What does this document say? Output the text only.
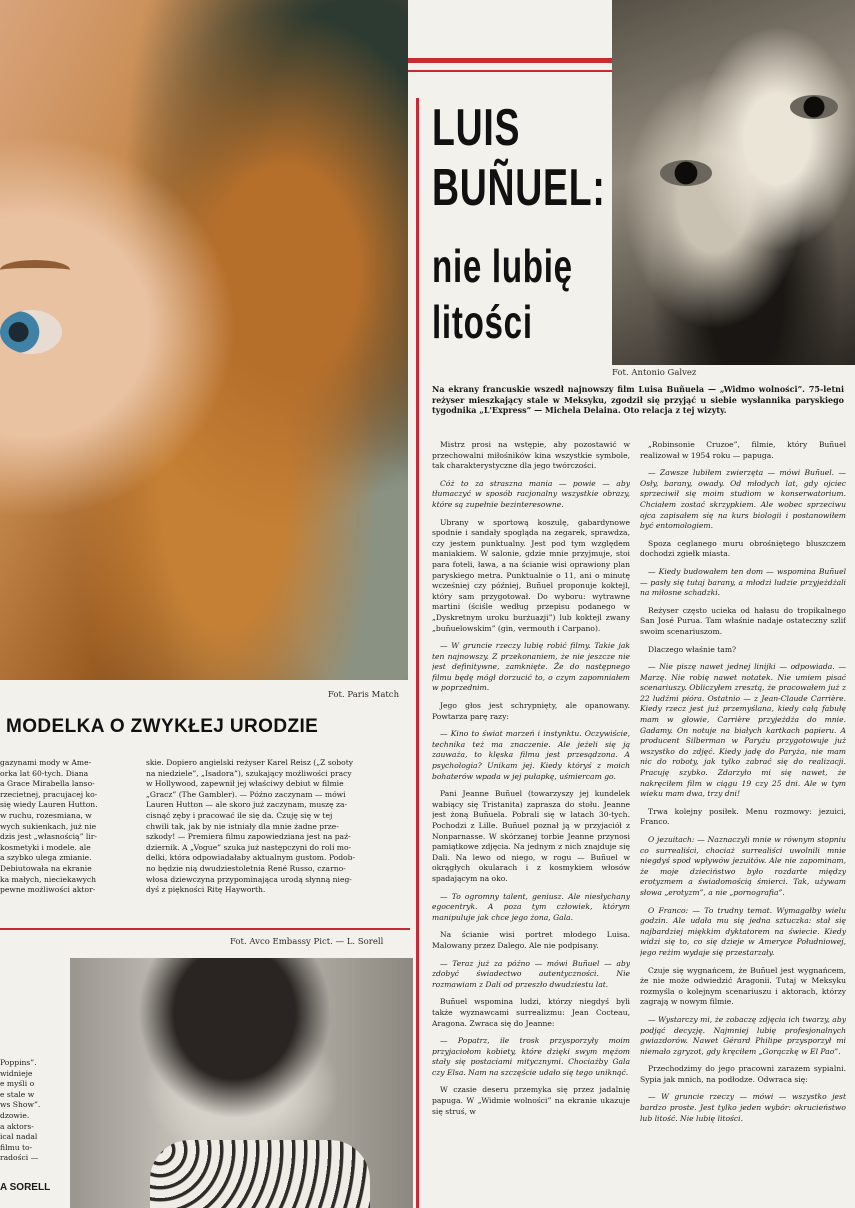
Fot. Paris Match
MODELKA O ZWYKŁEJ URODZIE
gazynami mody w Ame-
orka lat 60-tych. Diana
a Grace Mirabella lanso-
rzecietnej, pracujacej ko-
się wiedy Lauren Hutton.
w ruchu, rozesmiana, w
wych sukienkach, już nie
dzis jest „własnością” lir-
kosmetyki i modele. ale
a szybko ulega zmianie.
Debiutowała na ekranie
ka małych, nieciekawych
pewne możliwości aktor-
skie. Dopiero angielski reżyser Karel Reisz („Z soboty
na niedziele”, „Isadora”), szukający możliwości pracy
w Hollywood, zapewnił jej właściwy debiut w filmie
„Gracz” (The Gambler). — Późno zaczynam — mówi
Lauren Hutton — ale skoro już zaczynam, muszę za-
cisnąć zęby i pracować ile się da. Czuję się w tej
chwili tak, jak by nie istniały dla mnie żadne prze-
szkody! — Premiera filmu zapowiedziana jest na paź-
dziernik. A „Vogue” szuka już następczyni do roli mo-
delki, która odpowiadałaby aktualnym gustom. Podob-
no będzie nią dwudziestoletnia René Russo, czarno-
włosa dziewczyna przypominająca urodą słynną nieg-
dyś z piękności Ritę Hayworth.
Fot. Avco Embassy Pict. — L. Sorell
Poppins”.
widnieje
e myśli o
e stale w
ws Show”.
dzowie.
a aktors-
ical nadal
filmu to-
radości —
A SORELL
LUIS
BUÑUEL:
nie lubię
litości
Fot. Antonio Galvez
Na ekrany francuskie wszedł najnowszy film Luisa Buñuela — „Widmo wolności”. 75-letni reżyser mieszkający stale w Meksyku, zgodził się przyjąć u siebie wysłannika paryskiego tygodnika „L'Express” — Michela Delaina. Oto relacja z tej wizyty.

Mistrz prosi na wstępie, aby pozostawić w przechowalni miłośników kina wszystkie symbole, tak charakterystyczne dla jego twórczości.

Cóż to za straszna mania — powie — aby tłumaczyć w sposób racjonalny wszystkie obrazy, które są zupełnie bezinteresowne.

Ubrany w sportową koszulę, gabardynowe spodnie i sandały spogląda na zegarek, sprawdza, czy jestem punktualny. Jest pod tym względem maniakiem. W salonie, gdzie mnie przyjmuje, stoi para foteli, ława, a na ścianie wisi oprawiony plan paryskiego metra. Punktualnie o 11, ani o minutę wcześniej czy później, Buñuel proponuje koktejl, który sam przygotował. Do wyboru: wytrawne martini (ściśle według przepisu podanego w „Dyskretnym uroku burżuazji”) lub koktejl zwany „buñuelowskim” (gin, vermouth i Carpano).

— W gruncie rzeczy lubię robić filmy. Takie jak ten najnowszy. Z przekonaniem, że nie jeszcze nie jest definitywne, zamknięte. Że do następnego filmu będę mógł dorzucić to, o czym zapomniałem w poprzednim.

Jego głos jest schrypnięty, ale opanowany. Powtarza parę razy:

— Kino to świat marzeń i instynktu. Oczywiście, technika też ma znaczenie. Ale jeżeli się ją zauważa, to klęska filmu jest przesądzona. A psychologia? Unikam jej. Kiedy któryś z moich bohaterów wpada w jej pułapkę, uśmiercam go.

Pani Jeanne Buñuel (towarzyszy jej kundelek wabiący się Tristanita) zaprasza do stołu. Jeanne jest żoną Buñuela. Pobrali się w latach 30-tych. Pochodzi z Lille. Buñuel poznał ją w przyjaciół z Nonparnasse. W skórzanej torbie Jeanne przynosi pamiątkowe zdjęcia. Na jednym z nich znajduje się Dali. Na lewo od niego, w rogu — Buñuel w okrągłych okularach i z kosmykiem włosów spadającym na oko.

— To ogromny talent, geniusz. Ale niesłychany egocentryk. A poza tym człowiek, którym manipuluje jak chce jego żona, Gala.

Na ścianie wisi portret młodego Luisa. Malowany przez Dalego. Ale nie podpisany.

— Teraz już za późno — mówi Buñuel — aby zdobyć świadectwo autentyczności. Nie rozmawiam z Dali od przeszło dwudziestu lat.

Buñuel wspomina ludzi, którzy niegdyś byli także wyznawcami surrealizmu: Jean Cocteau, Aragona. Zwraca się do Jeanne:

— Popatrz, ile trosk przysporzyły moim przyjaciołom kobiety, które dzięki swym mężom stały się postaciami mitycznymi. Chociażby Gala czy Elsa. Nam na szczęście udało się tego uniknąć.

W czasie deseru przemyka się przez jadalnię papuga. W „Widmie wolności” na ekranie ukazuje się struś, w

„Robinsonie Cruzoe”, filmie, który Buñuel realizował w 1954 roku — papuga.

— Zawsze lubiłem zwierzęta — mówi Buñuel. — Osły, barany, owady. Od młodych lat, gdy ojciec sprzeciwił się moim studiom w konserwatorium. Chciałem zostać skrzypkiem. Ale wobec sprzeciwu ojca zapisałem się na kurs biologii i postanowiłem być entomologiem.

Spoza ceglanego muru obrośniętego bluszczem dochodzi zgiełk miasta.

— Kiedy budowałem ten dom — wspomina Buñuel — pasły się tutaj barany, a młodzi ludzie przyjeżdżali na miłosne schadzki.

Reżyser często ucieka od hałasu do tropikalnego San José Purua. Tam właśnie nadaje ostateczny szlif swoim scenariuszom.

Dlaczego właśnie tam?

— Nie piszę nawet jednej linijki — odpowiada. — Marzę. Nie robię nawet notatek. Nie umiem pisać scenariuszy. Obliczyłem zresztą, że pracowałem już z 22 ludźmi pióra. Ostatnio — z Jean-Claude Carrière. Kiedy rzecz jest już przemyślana, kiedy całą fabułę mam w głowie, Carrière przyjeżdża do mnie. Gadamy. On notuje na białych kartkach papieru. A producent Silberman w Paryżu przygotowuje już wszystko do zdjęć. Kiedy jadę do Paryża, nie mam nic do roboty, jak tylko zabrać się do realizacji. Pracuję szybko. Zdarzyło mi się nawet, że nakręciłem film w ciągu 19 czy 25 dni. Ale w tym wieku mam dwa, trzy dni!

Trwa kolejny posiłek. Menu rozmowy: jezuici, Franco.

O jezuitach: — Naznaczyli mnie w równym stopniu co surrealiści, chociaż surrealiści uwolnili mnie niegdyś spod wpływów jezuitów. Ale nie zapominam, że moje dzieciństwo było rozdarte między erotyzmem a świadomością śmierci. Tak, używam słowa „erotyzm”, a nie „pornografia”.

O Franco: — To trudny temat. Wymagałby wielu godzin. Ale udała mu się jedna sztuczka: stał się najbardziej miękkim dyktatorem na świecie. Kiedy widzi się to, co się dzieje w Ameryce Południowej, jego reżim wydaje się przestarzały.

Czuje się wygnańcem, że Buñuel jest wygnańcem, że nie może odwiedzić Aragonii. Tutaj w Meksyku rozmyśla o kolejnym scenariuszu i aktorach, którzy zagrają w nowym filmie.

— Wystarczy mi, że zobaczę zdjęcia ich twarzy, aby podjąć decyzję. Najmniej lubię profesjonalnych gwiazdorów. Nawet Gérard Philipe przysporzył mi niemało zgryzot, gdy kręciłem „Gorączkę w El Pao”.

Przechodzimy do jego pracowni zarazem sypialni. Sypia jak mnich, na podłodze. Odwraca się:

— W gruncie rzeczy — mówi — wszystko jest bardzo proste. Jest tylko jeden wybór: okrucieństwo lub litość. Nie lubię litości.
